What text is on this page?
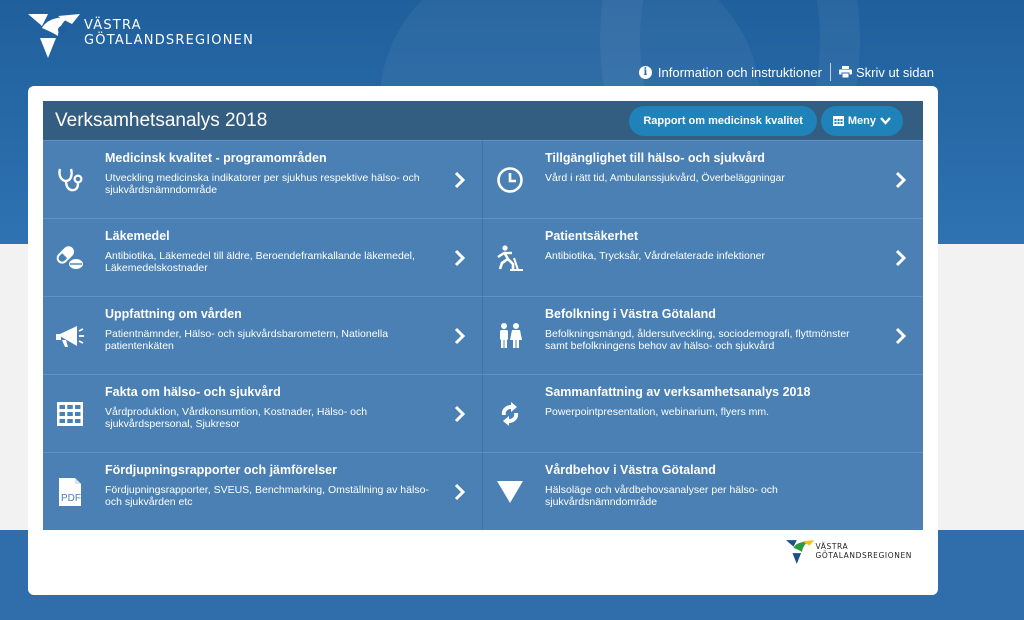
VÄSTRA
GÖTALANDSREGIONEN
i Information och instruktioner	Skriv ut sidan
Verksamhetsanalys 2018	Rapport om medicinsk kvalitet	Meny
Medicinsk kvalitet - programområden
Utveckling medicinska indikatorer per sjukhus respektive hälso- och sjukvårdsnämndområde
Tillgänglighet till hälso- och sjukvård
Vård i rätt tid, Ambulanssjukvård, Överbeläggningar
Läkemedel
Antibiotika, Läkemedel till äldre, Beroendeframkallande läkemedel, Läkemedelskostnader
Patientsäkerhet
Antibiotika, Trycksår, Vårdrelaterade infektioner
Uppfattning om vården
Patientnämnder, Hälso- och sjukvårdsbarometern, Nationella patientenkäten
Befolkning i Västra Götaland
Befolkningsmängd, åldersutveckling, sociodemografi, flyttmönster samt befolkningens behov av hälso- och sjukvård
Fakta om hälso- och sjukvård
Vårdproduktion, Vårdkonsumtion, Kostnader, Hälso- och sjukvårdspersonal, Sjukresor
Sammanfattning av verksamhetsanalys 2018
Powerpointpresentation, webinarium, flyers mm.
PDF
Fördjupningsrapporter och jämförelser
Fördjupningsrapporter, SVEUS, Benchmarking, Omställning av hälso- och sjukvården etc
Vårdbehov i Västra Götaland
Hälsoläge och vårdbehovsanalyser per hälso- och sjukvårdsnämndområde
VÄSTRA
GÖTALANDSREGIONEN
